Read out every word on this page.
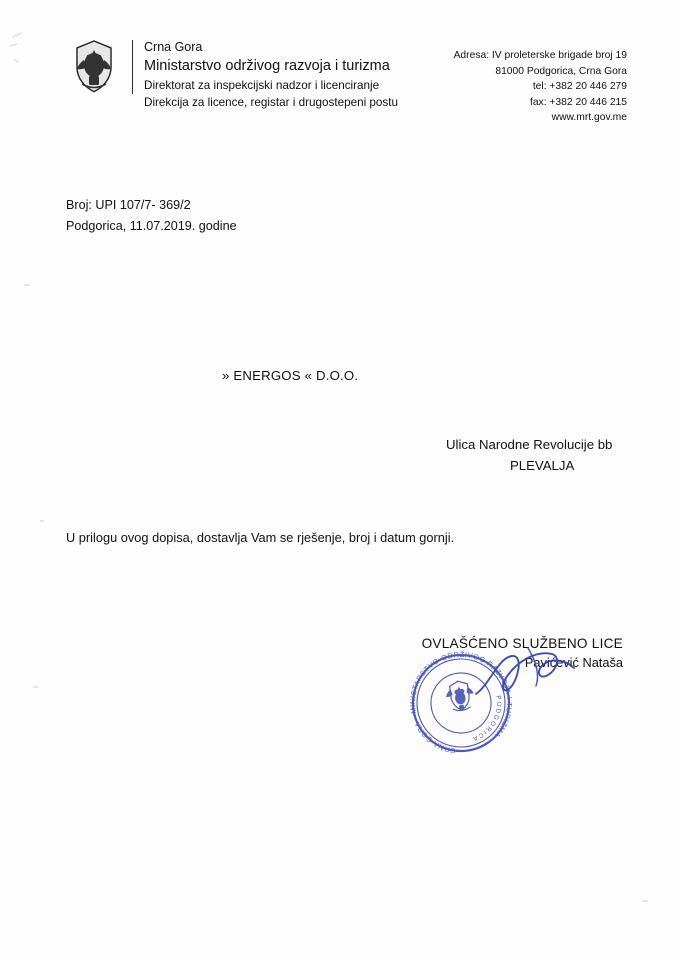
Crna Gora
Ministarstvo održivog razvoja i turizma
Direktorat za inspekcijski nadzor i licenciranje
Direkcija za licence, registar i drugostepeni postu
Adresa: IV proleterske brigade broj 19
81000 Podgorica, Crna Gora
tel: +382 20 446 279
fax: +382 20 446 215
www.mrt.gov.me
Broj: UPI 107/7- 369/2
Podgorica, 11.07.2019. godine
» ENERGOS « D.O.O.
Ulica Narodne Revolucije bb
PLEVALJA
U prilogu ovog dopisa, dostavlja Vam se rješenje, broj i datum gornji.
OVLAŠĆENO SLUŽBENO LICE
Pavićević Nataša
CRNA GORA · MINISTARSTVO ODRŽIVOG RAZVOJA I TURIZMA
PODGORICA
